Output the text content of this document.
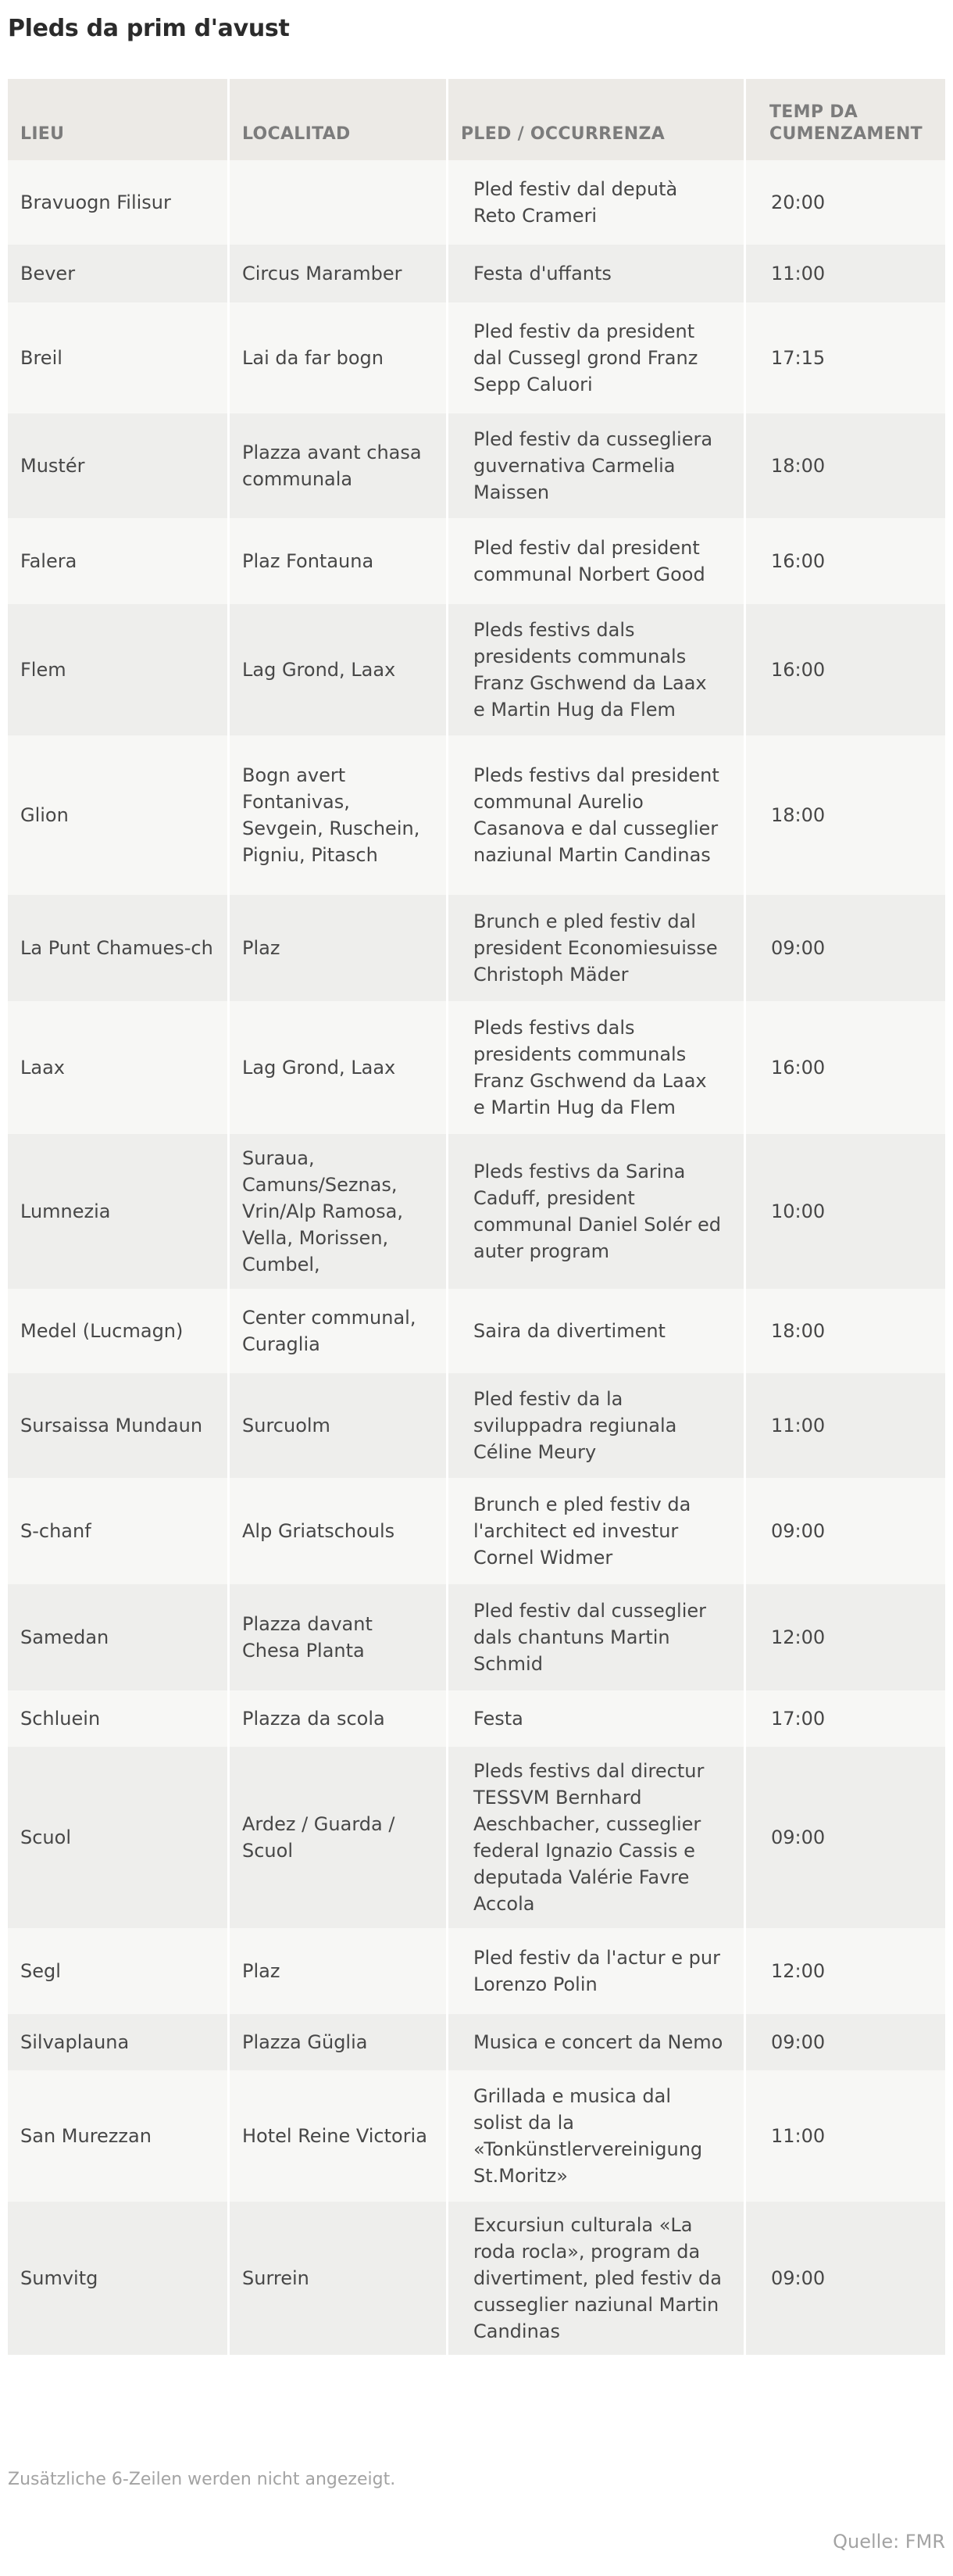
Pleds da prim d'avust
LIEU	LOCALITAD	PLED / OCCURRENZA	TEMP DA CUMENZAMENT
Bravuogn Filisur		Pled festiv dal deputà Reto Crameri	20:00
Bever	Circus Maramber	Festa d'uffants	11:00
Breil	Lai da far bogn	Pled festiv da president dal Cussegl grond Franz Sepp Caluori	17:15
Mustér	Plazza avant chasa communala	Pled festiv da cussegliera guvernativa Carmelia Maissen	18:00
Falera	Plaz Fontauna	Pled festiv dal president communal Norbert Good	16:00
Flem	Lag Grond, Laax	Pleds festivs dals presidents communals Franz Gschwend da Laax e Martin Hug da Flem	16:00
Glion	Bogn avert Fontanivas, Sevgein, Ruschein, Pigniu, Pitasch	Pleds festivs dal president communal Aurelio Casanova e dal cusseglier naziunal Martin Candinas	18:00
La Punt Chamues-ch	Plaz	Brunch e pled festiv dal president Economiesuisse Christoph Mäder	09:00
Laax	Lag Grond, Laax	Pleds festivs dals presidents communals Franz Gschwend da Laax e Martin Hug da Flem	16:00
Lumnezia	Suraua, Camuns/Seznas, Vrin/Alp Ramosa, Vella, Morissen, Cumbel,	Pleds festivs da Sarina Caduff, president communal Daniel Solér ed auter program	10:00
Medel (Lucmagn)	Center communal, Curaglia	Saira da divertiment	18:00
Sursaissa Mundaun	Surcuolm	Pled festiv da la sviluppadra regiunala Céline Meury	11:00
S-chanf	Alp Griatschouls	Brunch e pled festiv da l'architect ed investur Cornel Widmer	09:00
Samedan	Plazza davant Chesa Planta	Pled festiv dal cusseglier dals chantuns Martin Schmid	12:00
Schluein	Plazza da scola	Festa	17:00
Scuol	Ardez / Guarda / Scuol	Pleds festivs dal directur TESSVM Bernhard Aeschbacher, cusseglier federal Ignazio Cassis e deputada Valérie Favre Accola	09:00
Segl	Plaz	Pled festiv da l'actur e pur Lorenzo Polin	12:00
Silvaplauna	Plazza Güglia	Musica e concert da Nemo	09:00
San Murezzan	Hotel Reine Victoria	Grillada e musica dal solist da la «Tonkünstlervereinigung St.Moritz»	11:00
Sumvitg	Surrein	Excursiun culturala «La roda rocla», program da divertiment, pled festiv da cusseglier naziunal Martin Candinas	09:00
Zusätzliche 6-Zeilen werden nicht angezeigt.
Quelle: FMR
